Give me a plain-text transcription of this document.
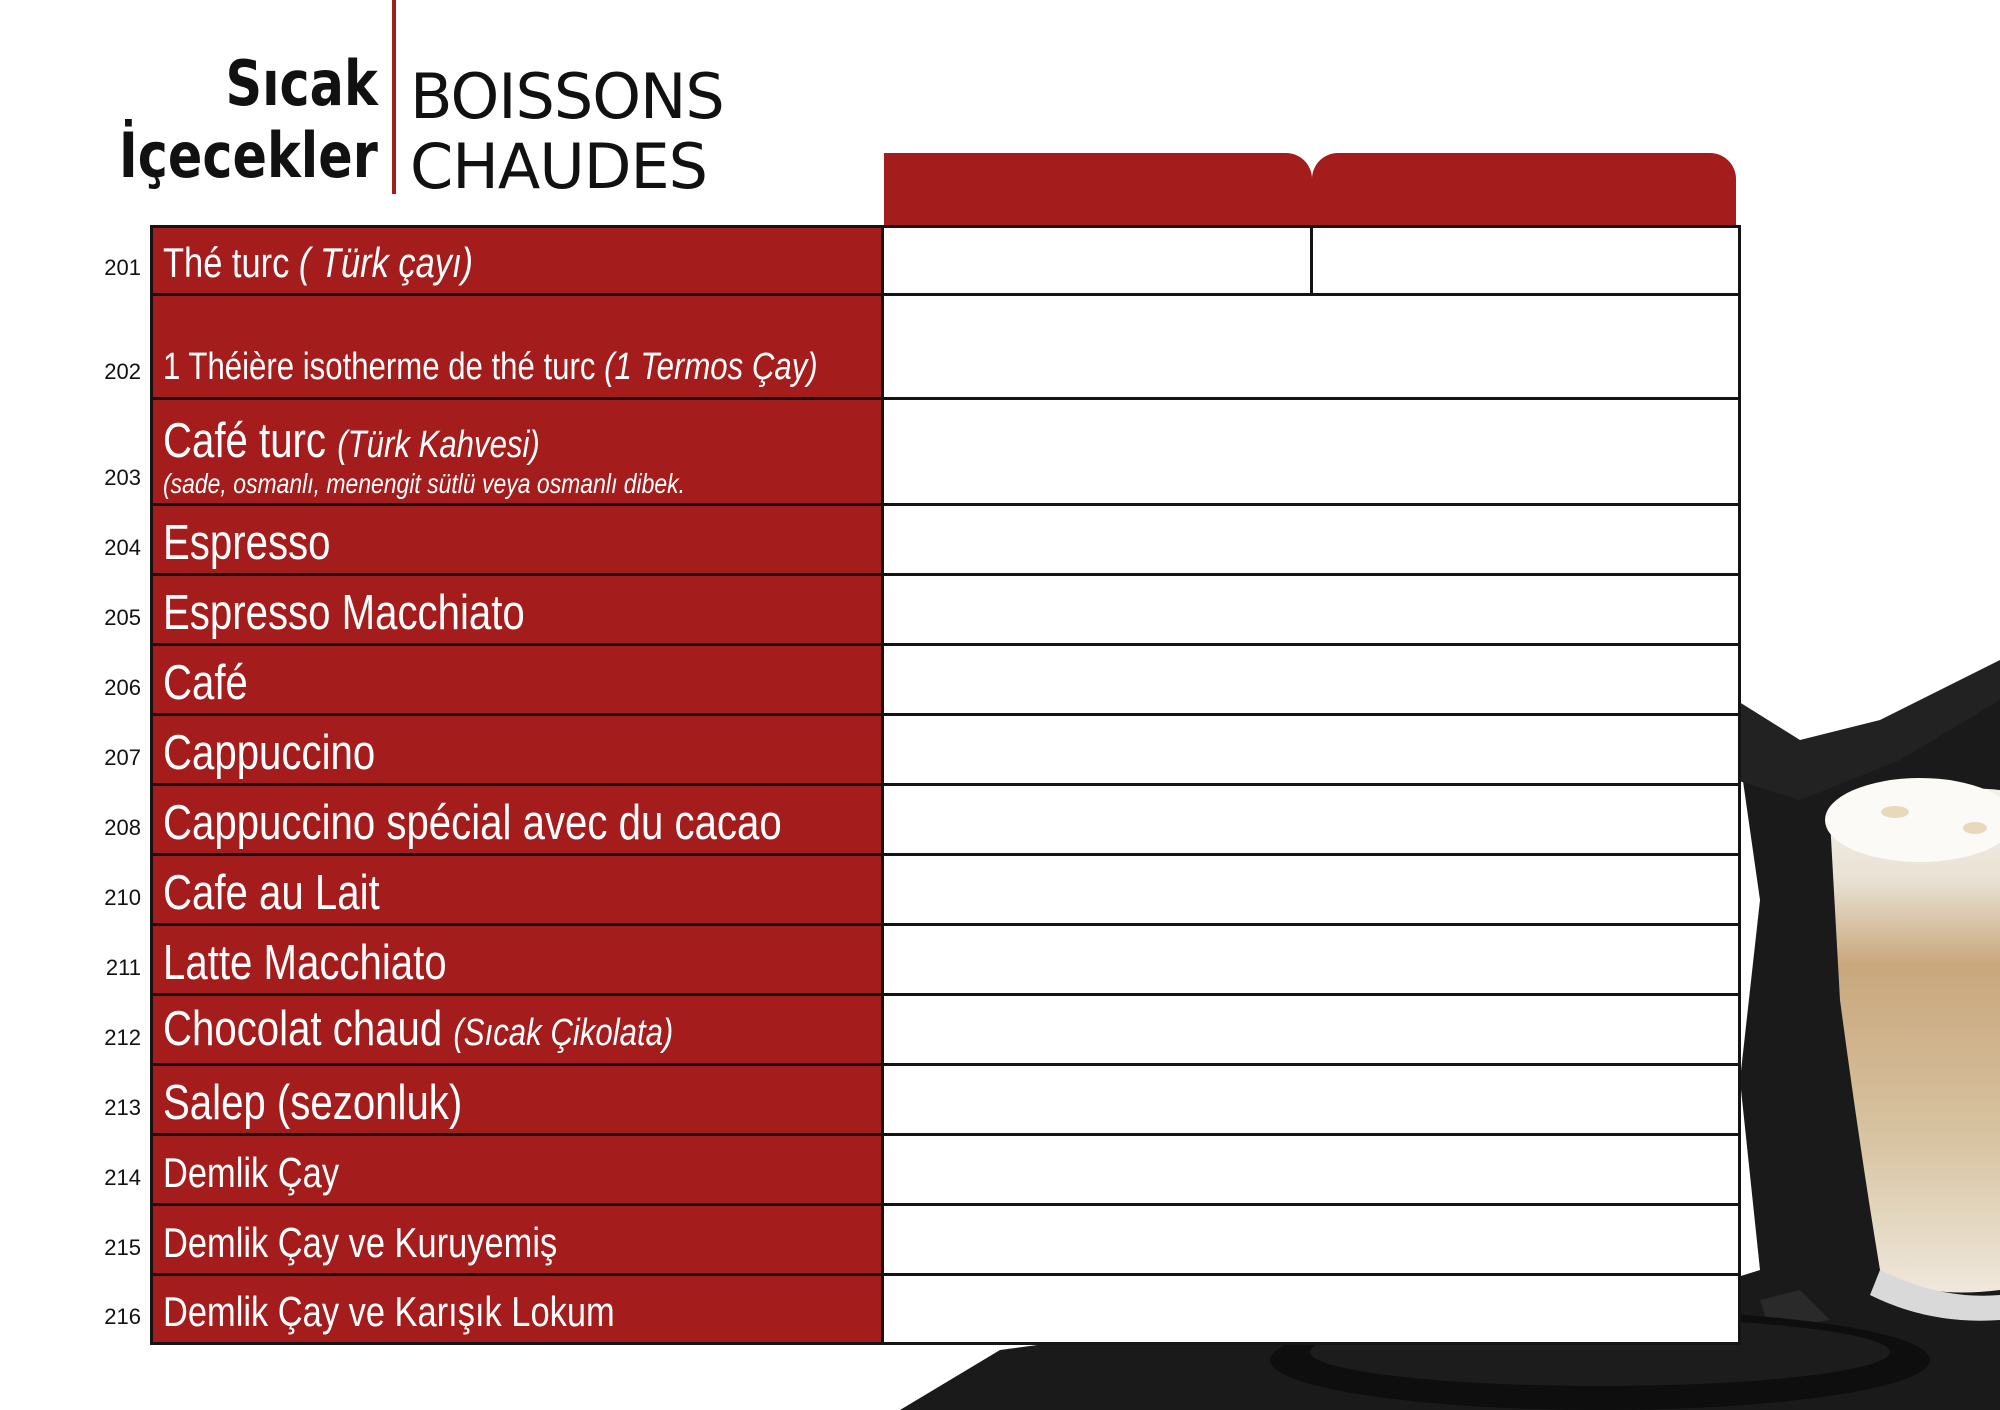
Sıcak
İçecekler
BOISSONS
CHAUDES
201 Thé turc ( Türk çayı)
202 1 Théière isotherme de thé turc (1 Termos Çay)
203
Café turc (Türk Kahvesi)
(sade, osmanlı, menengit sütlü veya osmanlı dibek.
204 Espresso
205 Espresso Macchiato
206 Café
207 Cappuccino
208 Cappuccino spécial avec du cacao
210 Cafe au Lait
211 Latte Macchiato
212 Chocolat chaud (Sıcak Çikolata)
213 Salep (sezonluk)
214 Demlik Çay
215 Demlik Çay ve Kuruyemiş
216 Demlik Çay ve Karışık Lokum
